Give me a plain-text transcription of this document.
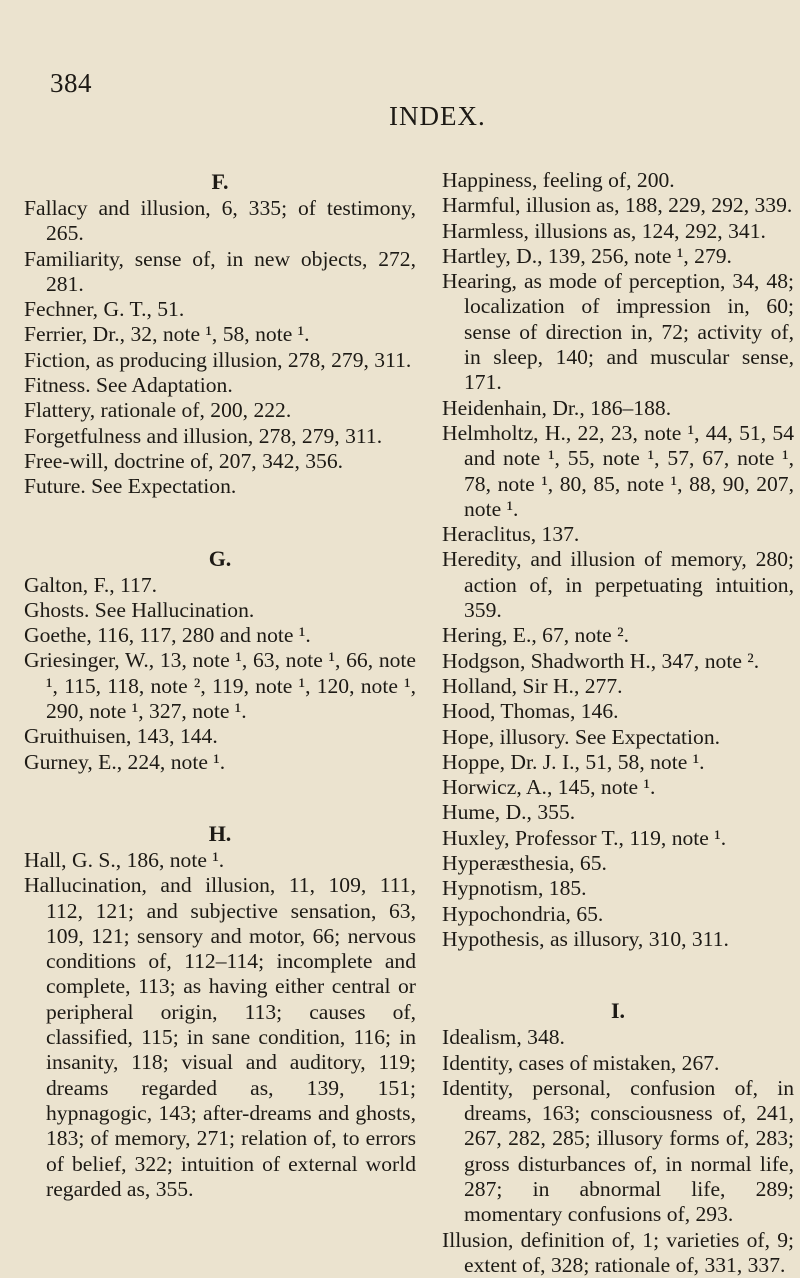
384
INDEX.
F.

Fallacy and illusion, 6, 335; of testimony, 265.

Familiarity, sense of, in new objects, 272, 281.

Fechner, G. T., 51.

Ferrier, Dr., 32, note ¹, 58, note ¹.

Fiction, as producing illusion, 278, 279, 311.

Fitness. See Adaptation.

Flattery, rationale of, 200, 222.

Forgetfulness and illusion, 278, 279, 311.

Free-will, doctrine of, 207, 342, 356.

Future. See Expectation.

G.

Galton, F., 117.

Ghosts. See Hallucination.

Goethe, 116, 117, 280 and note ¹.

Griesinger, W., 13, note ¹, 63, note ¹, 66, note ¹, 115, 118, note ², 119, note ¹, 120, note ¹, 290, note ¹, 327, note ¹.

Gruithuisen, 143, 144.

Gurney, E., 224, note ¹.

H.

Hall, G. S., 186, note ¹.

Hallucination, and illusion, 11, 109, 111, 112, 121; and subjective sensation, 63, 109, 121; sensory and motor, 66; nervous conditions of, 112–114; incomplete and complete, 113; as having either central or peripheral origin, 113; causes of, classified, 115; in sane condition, 116; in insanity, 118; visual and auditory, 119; dreams regarded as, 139, 151; hypnagogic, 143; after-dreams and ghosts, 183; of memory, 271; relation of, to errors of belief, 322; intuition of external world regarded as, 355.

Happiness, feeling of, 200.

Harmful, illusion as, 188, 229, 292, 339.

Harmless, illusions as, 124, 292, 341.

Hartley, D., 139, 256, note ¹, 279.

Hearing, as mode of perception, 34, 48; localization of impression in, 60; sense of direction in, 72; activity of, in sleep, 140; and muscular sense, 171.

Heidenhain, Dr., 186–188.

Helmholtz, H., 22, 23, note ¹, 44, 51, 54 and note ¹, 55, note ¹, 57, 67, note ¹, 78, note ¹, 80, 85, note ¹, 88, 90, 207, note ¹.

Heraclitus, 137.

Heredity, and illusion of memory, 280; action of, in perpetuating intuition, 359.

Hering, E., 67, note ².

Hodgson, Shadworth H., 347, note ².

Holland, Sir H., 277.

Hood, Thomas, 146.

Hope, illusory. See Expectation.

Hoppe, Dr. J. I., 51, 58, note ¹.

Horwicz, A., 145, note ¹.

Hume, D., 355.

Huxley, Professor T., 119, note ¹.

Hyperæsthesia, 65.

Hypnotism, 185.

Hypochondria, 65.

Hypothesis, as illusory, 310, 311.

I.

Idealism, 348.

Identity, cases of mistaken, 267.

Identity, personal, confusion of, in dreams, 163; consciousness of, 241, 267, 282, 285; illusory forms of, 283; gross disturbances of, in normal life, 287; in abnormal life, 289; momentary confusions of, 293.

Illusion, definition of, 1; varieties of, 9; extent of, 328; rationale of, 331, 337.
